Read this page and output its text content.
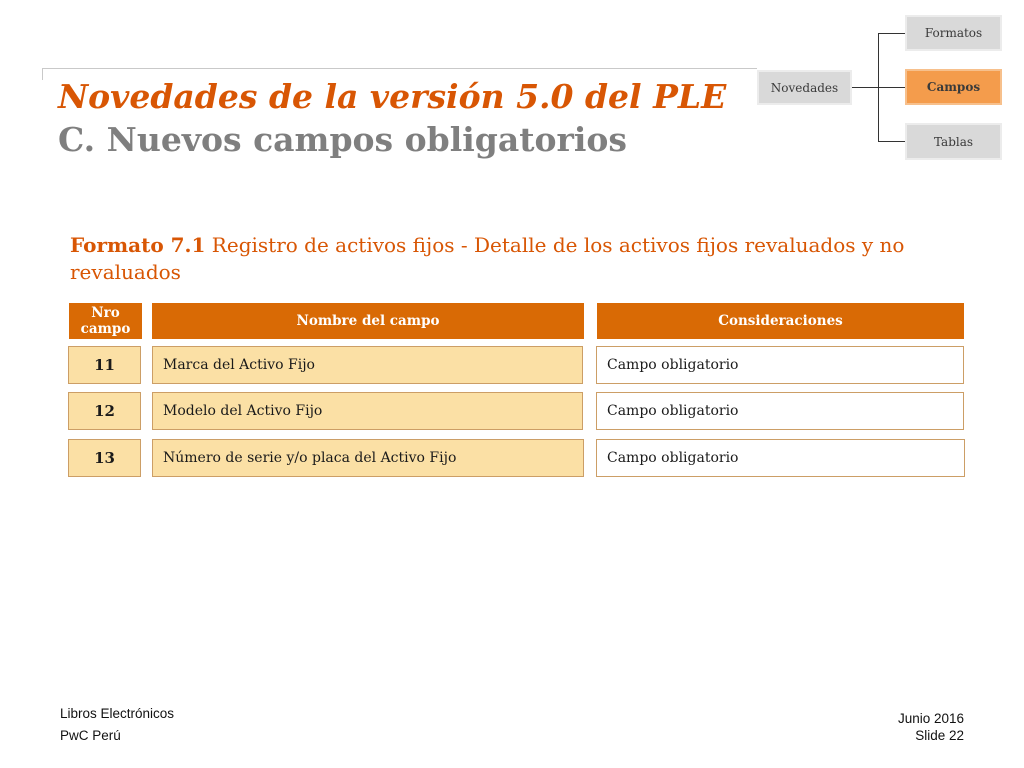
Novedades de la versión 5.0 del PLE
C. Nuevos campos obligatorios
Novedades
Formatos
Campos
Tablas
Formato 7.1 Registro de activos fijos - Detalle de los activos fijos revaluados y no revaluados
Nro campo	Nombre del campo	Consideraciones
11	Marca del Activo Fijo	Campo obligatorio
12	Modelo del Activo Fijo	Campo obligatorio
13	Número de serie y/o placa del Activo Fijo	Campo obligatorio
Libros Electrónicos
PwC Perú
Junio 2016
Slide 22
